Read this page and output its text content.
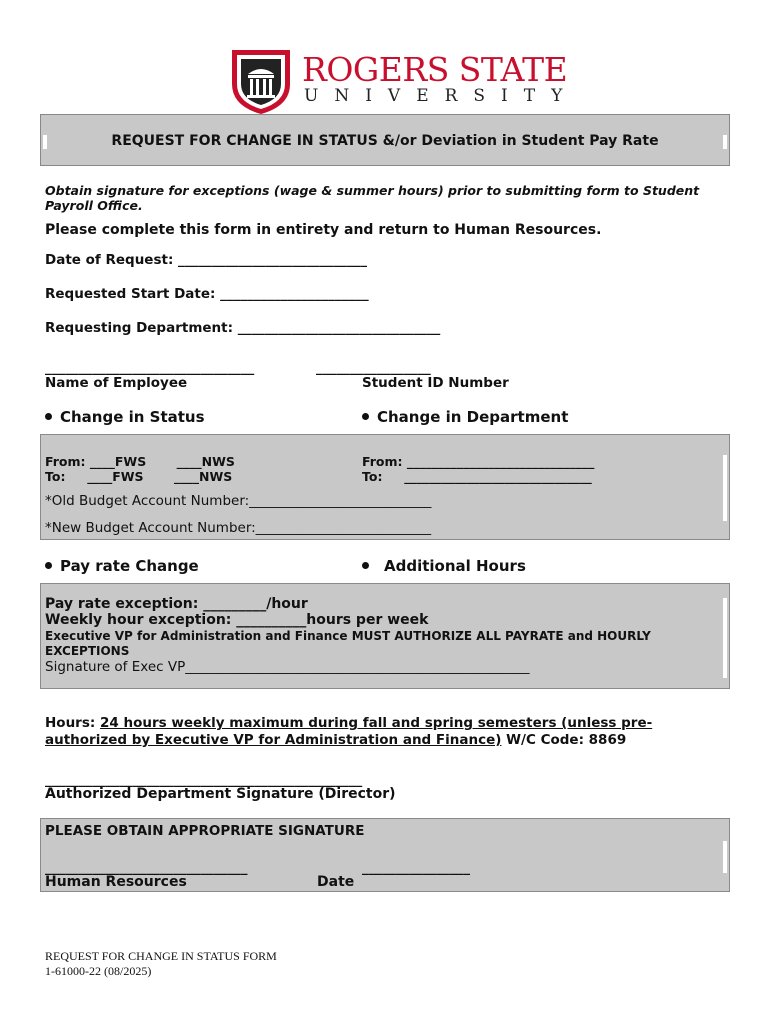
ROGERS STATE
UNIVERSITY
REQUEST FOR CHANGE IN STATUS &/or Deviation in Student Pay Rate
Obtain signature for exceptions (wage & summer hours) prior to submitting form to Student Payroll Office.
Please complete this form in entirety and return to Human Resources.
Date of Request: ____________________________
Requested Start Date: ______________________
Requesting Department: ______________________________
_______________________________	_________________
Name of Employee	Student ID Number
Change in Status	Change in Department
From: ____FWS       ____NWS
To:     ____FWS       ____NWS
From: ______________________________
To:     ______________________________
*Old Budget Account Number:___________________________
*New Budget Account Number:__________________________
Pay rate Change	Additional Hours
Pay rate exception: _________/hour
Weekly hour exception: __________hours per week
Executive VP for Administration and Finance MUST AUTHORIZE ALL PAYRATE and HOURLY EXCEPTIONS
Signature of Exec VP___________________________________________________
Hours: 24 hours weekly maximum during fall and spring semesters (unless pre-authorized by Executive VP for Administration and Finance) W/C Code: 8869
_______________________________________________
Authorized Department Signature (Director)
PLEASE OBTAIN APPROPRIATE SIGNATURE
______________________________	________________
Human Resources	Date
REQUEST FOR CHANGE IN STATUS FORM
1-61000-22 (08/2025)
